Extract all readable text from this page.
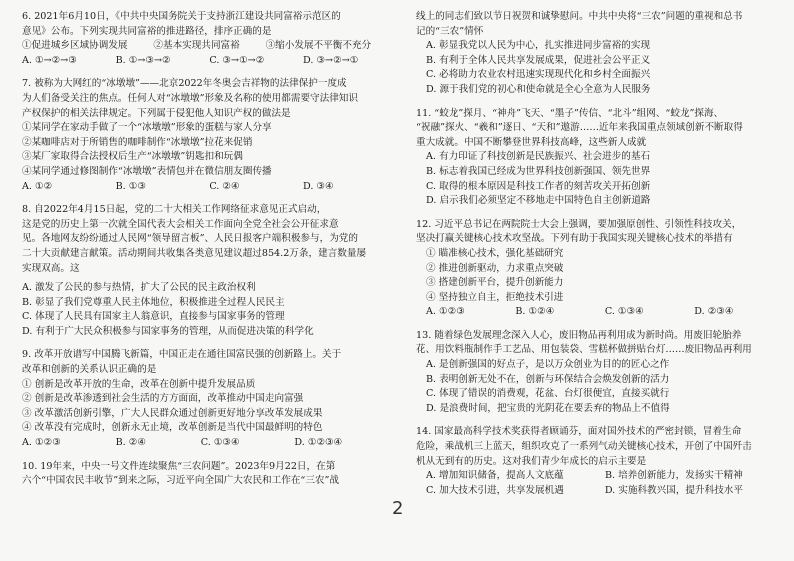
6. 2021年6月10日，《中共中央国务院关于支持浙江建设共同富裕示范区的
意见》公布。下列实现共同富裕的推进路径，排序正确的是
①促进城乡区域协调发展	②基本实现共同富裕	③缩小发展不平衡不充分
A. ①→②→③	B. ①→③→②	C. ③→①→②	D. ③→②→①
7. 被称为大网红的“冰墩墩”——北京2022年冬奥会吉祥物的法律保护一度成
为人们备受关注的焦点。任何人对“冰墩墩”形象及名称的使用都需要守法律知识
产权保护的相关法律规定。下列属于侵犯他人知识产权的做法是
①某同学在家动手做了一个“冰墩墩”形象的蛋糕与家人分享
②某咖啡店对于所销售的咖啡制作“冰墩墩”拉花来促销
③某厂家取得合法授权后生产“冰墩墩”钥匙扣和玩偶
④某同学通过修图制作“冰墩墩”表情包并在微信朋友圈传播
A. ①②	B. ①③	C. ②④	D. ③④
8. 自2022年4月15日起，党的二十大相关工作网络征求意见正式启动，
这是党的历史上第一次就全国代表大会相关工作面向全党全社会公开征求意
见。各地网友纷纷通过人民网“领导留言板”、人民日报客户端积极参与，为党的
二十大贡献建言献策。活动期间共收集各类意见建议超过854.2万条，建言数量屡
实现双高。这
A. 激发了公民的参与热情，扩大了公民的民主政治权利
B. 彰显了我们党尊重人民主体地位，积极推进全过程人民民主
C. 体现了人民具有国家主人翁意识，直接参与国家事务的管理
D. 有利于广大民众积极参与国家事务的管理，从而促进决策的科学化
9. 改革开放谱写中国腾飞新篇，中国正走在通往国富民强的创新路上。关于
改革和创新的关系认识正确的是
① 创新是改革开放的生命，改革在创新中提升发展品质
② 创新是改革渗透到社会生活的方方面面，改革推动中国走向富强
③ 改革激活创新引擎，广大人民群众通过创新更好地分享改革发展成果
④ 改革没有完成时，创新永无止境，改革创新是当代中国最鲜明的特色
A. ①②③	B. ②④	C. ①③④	D. ①②③④
10. 19年来，中央一号文件连续聚焦“三农问题”。2023年9月22日，在第
六个“中国农民丰收节”到来之际，习近平向全国广大农民和工作在“三农”战
线上的同志们致以节日祝贺和诚挚慰问。中共中央将“三农”问题的重视和总书
记的“三农”情怀
A. 彰显我党以人民为中心，扎实推进同步富裕的实现
B. 有利于全体人民共享发展成果，促进社会公平正义
C. 必将助力农业农村迅速实现现代化和乡村全面振兴
D. 源于我们党的初心和使命就是全心全意为人民服务
11. “蛟龙”探月、“神舟”飞天、“墨子”传信、“北斗”组网、“蛟龙”探海、
“祝融”探火、“羲和”逐日、“天和”遨游……近年来我国重点领域创新不断取得
重大成就。中国不断攀登世界科技高峰，这些新人成就
A. 有力印证了科技创新是民族振兴、社会进步的基石
B. 标志着我国已经成为世界科技创新强国、领先世界
C. 取得的根本原因是科技工作者的刻苦攻关开拓创新
D. 启示我们必须坚定不移地走中国特色自主创新道路
12. 习近平总书记在两院院士大会上强调，要加强原创性、引领性科技攻关，
坚决打赢关键核心技术攻坚战。下列有助于我国实现关键核心技术的举措有
① 瞄准核心技术，强化基础研究
② 推进创新驱动，力求重点突破
③ 搭建创新平台，提升创新能力
④ 坚持独立自主，拒绝技术引进
A. ①②③	B. ①②④	C. ①③④	D. ②③④
13. 随着绿色发展理念深入人心，废旧物品再利用成为新时尚。用废旧轮胎养
花、用饮料瓶制作手工艺品、用包装袋、雪糕杯做拼贴台灯……废旧物品再利用
A. 是创新强国的好点子，是以万众创业为目的的匠心之作
B. 表明创新无处不在，创新与环保结合会焕发创新的活力
C. 体现了错误的消费观，花盆、台灯很便宜，直接买就行
D. 是浪费时间，把宝贵的光阴花在要丢弃的物品上不值得
14. 国家最高科学技术奖获得者顾诵芬，面对国外技术的严密封锁，冒着生命
危险，乘战机三上蓝天，组织攻克了一系列气动关键核心技术，开创了中国歼击
机从无到有的历史。这对我们青少年成长的启示主要是
A. 增加知识储备，提高人文底蕴	B. 培养创新能力，发扬实干精神
C. 加大技术引进，共享发展机遇	D. 实施科教兴国，提升科技水平
2
